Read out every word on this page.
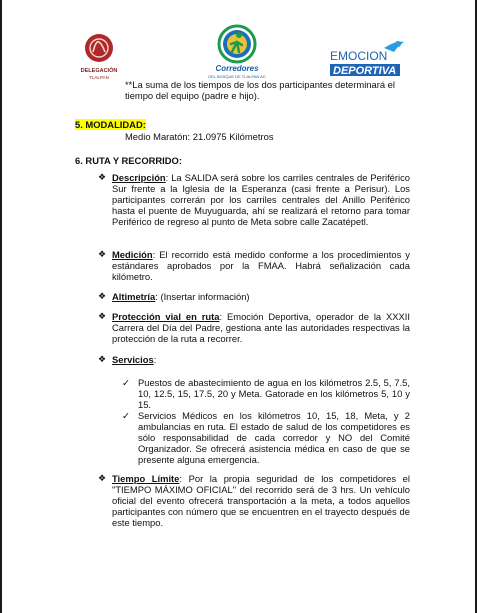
DELEGACIÓN
TLALPAN
Corredores
DEL BOSQUE DE TLALPAN AC
EMOCION
DEPORTIVA
**La suma de los tiempos de los dos participantes determinará el tiempo del equipo (padre e hijo).
5. MODALIDAD:
Medio Maratón: 21.0975 Kilómetros
6. RUTA Y RECORRIDO:
❖ Descripción: La SALIDA será sobre los carriles centrales de Periférico Sur frente a la Iglesia de la Esperanza (casi frente a Perisur). Los participantes correrán por los carriles centrales del Anillo Periférico hasta el puente de Muyuguarda, ahí se realizará el retorno para tomar Periférico de regreso al punto de Meta sobre calle Zacatépetl.
❖ Medición: El recorrido está medido conforme a los procedimientos y estándares aprobados por la FMAA. Habrá señalización cada kilómetro.
❖ Altimetría: (Insertar información)
❖ Protección vial en ruta: Emoción Deportiva, operador de la XXXII Carrera del Día del Padre, gestiona ante las autoridades respectivas la protección de la ruta a recorrer.
❖ Servicios:
✓ Puestos de abastecimiento de agua en los kilómetros 2.5, 5, 7.5, 10, 12.5, 15, 17.5, 20 y Meta. Gatorade en los kilómetros 5, 10 y 15.
✓ Servicios Médicos en los kilómetros 10, 15, 18, Meta, y 2 ambulancias en ruta. El estado de salud de los competidores es sólo responsabilidad de cada corredor y NO del Comité Organizador. Se ofrecerá asistencia médica en caso de que se presente alguna emergencia.
❖ Tiempo Límite: Por la propia seguridad de los competidores el "TIEMPO MÁXIMO OFICIAL" del recorrido será de 3 hrs. Un vehículo oficial del evento ofrecerá transportación a la meta, a todos aquellos participantes con número que se encuentren en el trayecto después de este tiempo.
